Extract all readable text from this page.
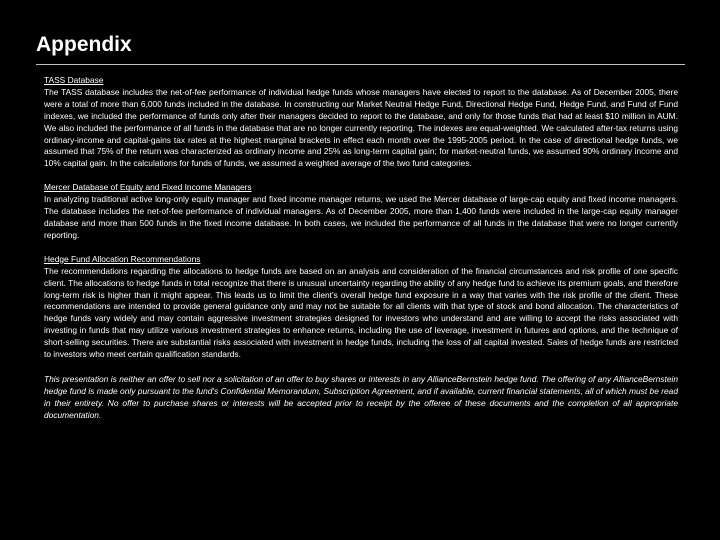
Appendix
TASS Database
The TASS database includes the net-of-fee performance of individual hedge funds whose managers have elected to report to the database. As of December 2005, there were a total of more than 6,000 funds included in the database. In constructing our Market Neutral Hedge Fund, Directional Hedge Fund, Hedge Fund, and Fund of Fund indexes, we included the performance of funds only after their managers decided to report to the database, and only for those funds that had at least $10 million in AUM. We also included the performance of all funds in the database that are no longer currently reporting. The indexes are equal-weighted. We calculated after-tax returns using ordinary-income and capital-gains tax rates at the highest marginal brackets in effect each month over the 1995-2005 period. In the case of directional hedge funds, we assumed that 75% of the return was characterized as ordinary income and 25% as long-term capital gain; for market-neutral funds, we assumed 90% ordinary income and 10% capital gain. In the calculations for funds of funds, we assumed a weighted average of the two fund categories.
Mercer Database of Equity and Fixed Income Managers
In analyzing traditional active long-only equity manager and fixed income manager returns, we used the Mercer database of large-cap equity and fixed income managers. The database includes the net-of-fee performance of individual managers. As of December 2005, more than 1,400 funds were included in the large-cap equity manager database and more than 500 funds in the fixed income database. In both cases, we included the performance of all funds in the database that were no longer currently reporting.
Hedge Fund Allocation Recommendations
The recommendations regarding the allocations to hedge funds are based on an analysis and consideration of the financial circumstances and risk profile of one specific client. The allocations to hedge funds in total recognize that there is unusual uncertainty regarding the ability of any hedge fund to achieve its premium goals, and therefore long-term risk is higher than it might appear. This leads us to limit the client's overall hedge fund exposure in a way that varies with the risk profile of the client. These recommendations are intended to provide general guidance only and may not be suitable for all clients with that type of stock and bond allocation. The characteristics of hedge funds vary widely and may contain aggressive investment strategies designed for investors who understand and are willing to accept the risks associated with investing in funds that may utilize various investment strategies to enhance returns, including the use of leverage, investment in futures and options, and the technique of short-selling securities. There are substantial risks associated with investment in hedge funds, including the loss of all capital invested. Sales of hedge funds are restricted to investors who meet certain qualification standards.

This presentation is neither an offer to sell nor a solicitation of an offer to buy shares or interests in any AllianceBernstein hedge fund. The offering of any AllianceBernstein hedge fund is made only pursuant to the fund's Confidential Memorandum, Subscription Agreement, and if available, current financial statements, all of which must be read in their entirety. No offer to purchase shares or interests will be accepted prior to receipt by the offeree of these documents and the completion of all appropriate documentation.
